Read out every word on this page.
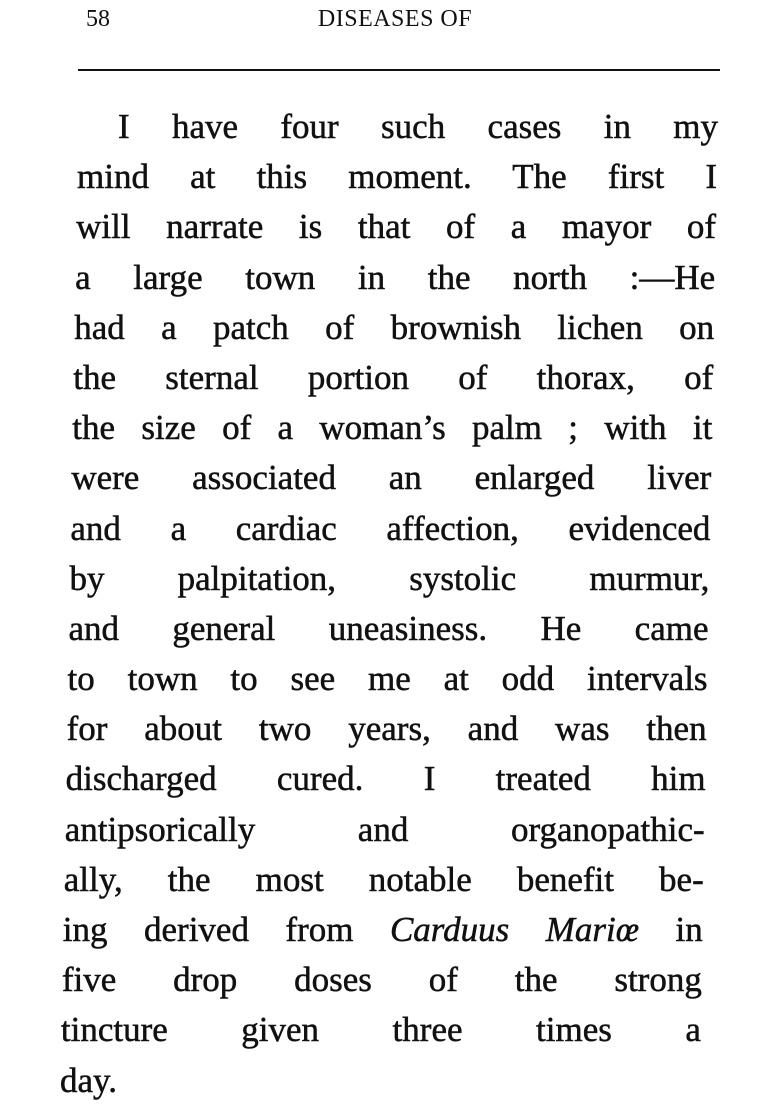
58	DISEASES OF
I have four such cases in my
mind at this moment. The first I
will narrate is that of a mayor of
a large town in the north :—He
had a patch of brownish lichen on
the sternal portion of thorax, of
the size of a woman’s palm ; with it
were associated an enlarged liver
and a cardiac affection, evidenced
by palpitation, systolic murmur,
and general uneasiness. He came
to town to see me at odd intervals
for about two years, and was then
discharged cured. I treated him
antipsorically and organopathic-
ally, the most notable benefit be-
ing derived from Carduus Mariœ in
five drop doses of the strong
tincture given three times a
day.
